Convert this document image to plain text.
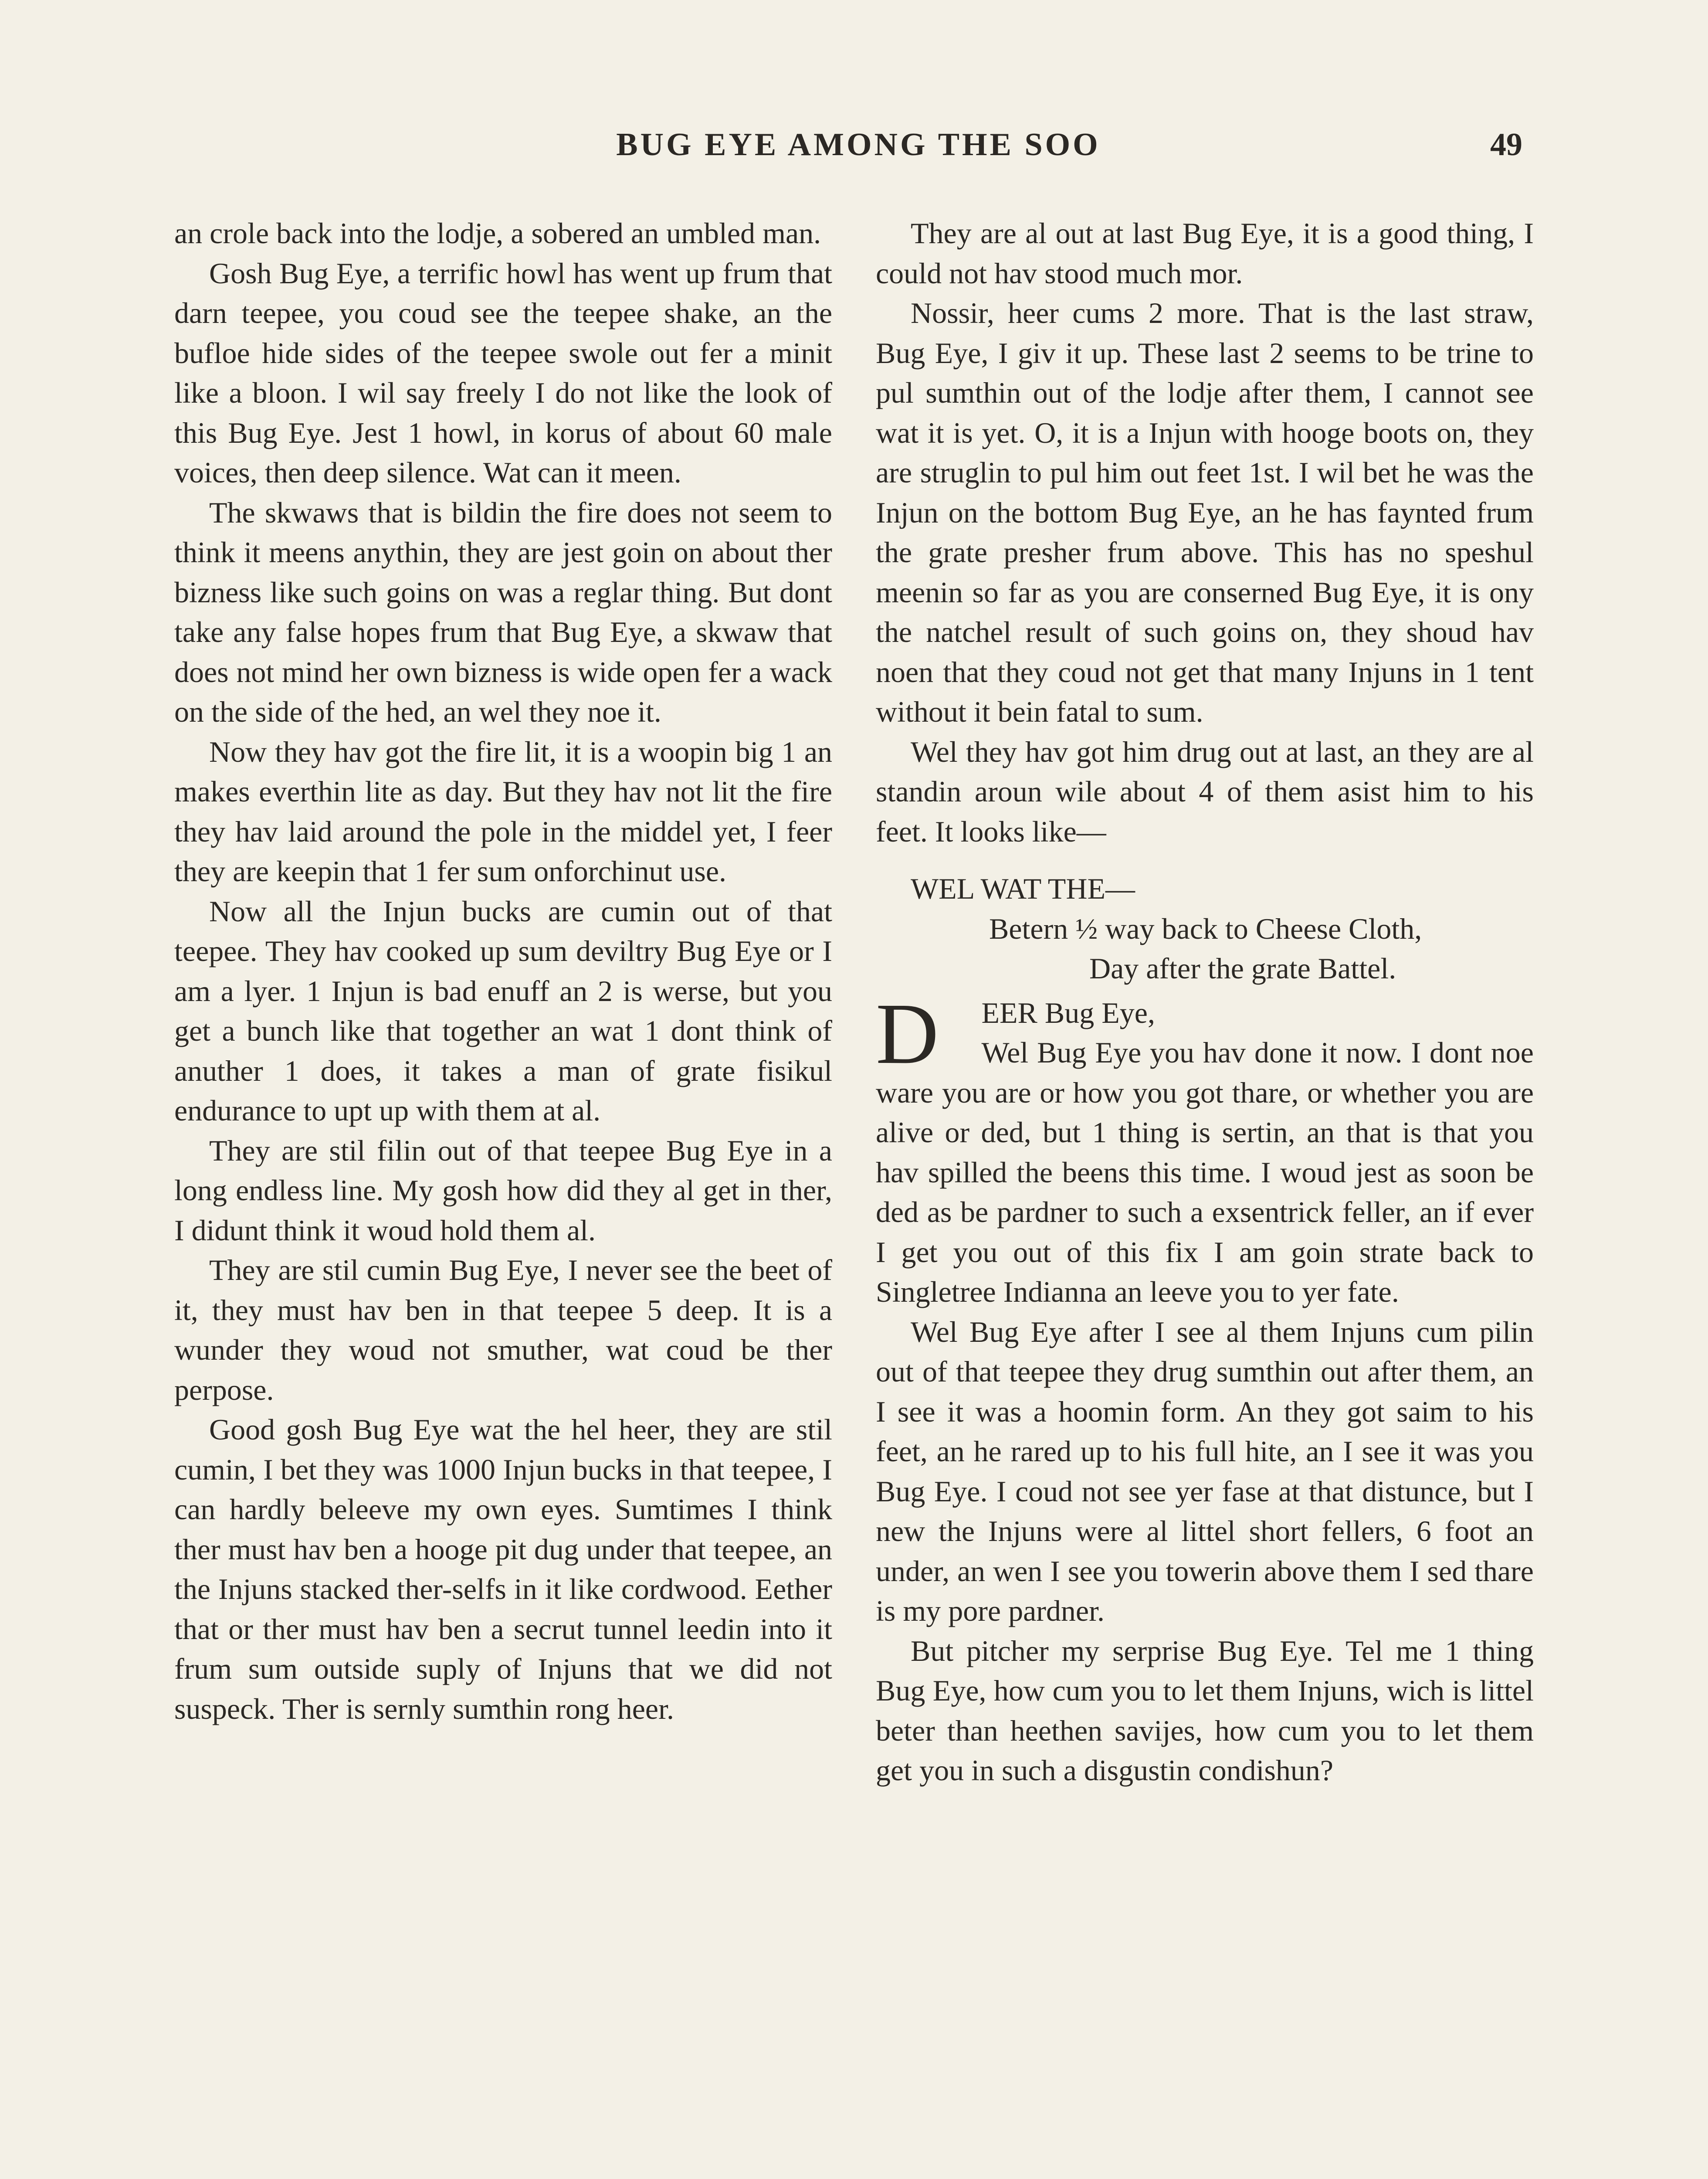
BUG EYE AMONG THE SOO	49

an crole back into the lodje, a sobered an umbled man.

Gosh Bug Eye, a terrific howl has went up frum that darn teepee, you coud see the teepee shake, an the bufloe hide sides of the teepee swole out fer a minit like a bloon. I wil say freely I do not like the look of this Bug Eye. Jest 1 howl, in korus of about 60 male voices, then deep silence. Wat can it meen.

The skwaws that is bildin the fire does not seem to think it meens anythin, they are jest goin on about ther bizness like such goins on was a reglar thing. But dont take any false hopes frum that Bug Eye, a skwaw that does not mind her own bizness is wide open fer a wack on the side of the hed, an wel they noe it.

Now they hav got the fire lit, it is a woopin big 1 an makes everthin lite as day. But they hav not lit the fire they hav laid around the pole in the middel yet, I feer they are keepin that 1 fer sum onforchinut use.

Now all the Injun bucks are cumin out of that teepee. They hav cooked up sum deviltry Bug Eye or I am a lyer. 1 Injun is bad enuff an 2 is werse, but you get a bunch like that together an wat 1 dont think of anuther 1 does, it takes a man of grate fisikul endurance to upt up with them at al.

They are stil filin out of that teepee Bug Eye in a long endless line. My gosh how did they al get in ther, I didunt think it woud hold them al.

They are stil cumin Bug Eye, I never see the beet of it, they must hav ben in that teepee 5 deep. It is a wunder they woud not smuther, wat coud be ther perpose.

Good gosh Bug Eye wat the hel heer, they are stil cumin, I bet they was 1000 Injun bucks in that teepee, I can hardly beleeve my own eyes. Sumtimes I think ther must hav ben a hooge pit dug under that teepee, an the Injuns stacked ther-selfs in it like cordwood. Eether that or ther must hav ben a secrut tunnel leedin into it frum sum outside suply of Injuns that we did not suspeck. Ther is sernly sumthin rong heer.

They are al out at last Bug Eye, it is a good thing, I could not hav stood much mor.

Nossir, heer cums 2 more. That is the last straw, Bug Eye, I giv it up. These last 2 seems to be trine to pul sumthin out of the lodje after them, I cannot see wat it is yet. O, it is a Injun with hooge boots on, they are struglin to pul him out feet 1st. I wil bet he was the Injun on the bottom Bug Eye, an he has faynted frum the grate presher frum above. This has no speshul meenin so far as you are conserned Bug Eye, it is ony the natchel result of such goins on, they shoud hav noen that they coud not get that many Injuns in 1 tent without it bein fatal to sum.

Wel they hav got him drug out at last, an they are al standin aroun wile about 4 of them asist him to his feet. It looks like—

WEL WAT THE—

Betern ½ way back to Cheese Cloth,

Day after the grate Battel.

D	EER Bug Eye,

Wel Bug Eye you hav done it now. I dont noe ware you are or how you got thare, or whether you are alive or ded, but 1 thing is sertin, an that is that you hav spilled the beens this time. I woud jest as soon be ded as be pardner to such a exsentrick feller, an if ever I get you out of this fix I am goin strate back to Singletree Indianna an leeve you to yer fate.

Wel Bug Eye after I see al them Injuns cum pilin out of that teepee they drug sumthin out after them, an I see it was a hoomin form. An they got saim to his feet, an he rared up to his full hite, an I see it was you Bug Eye. I coud not see yer fase at that distunce, but I new the Injuns were al littel short fellers, 6 foot an under, an wen I see you towerin above them I sed thare is my pore pardner.

But pitcher my serprise Bug Eye. Tel me 1 thing Bug Eye, how cum you to let them Injuns, wich is littel beter than heethen savijes, how cum you to let them get you in such a disgustin condishun?
